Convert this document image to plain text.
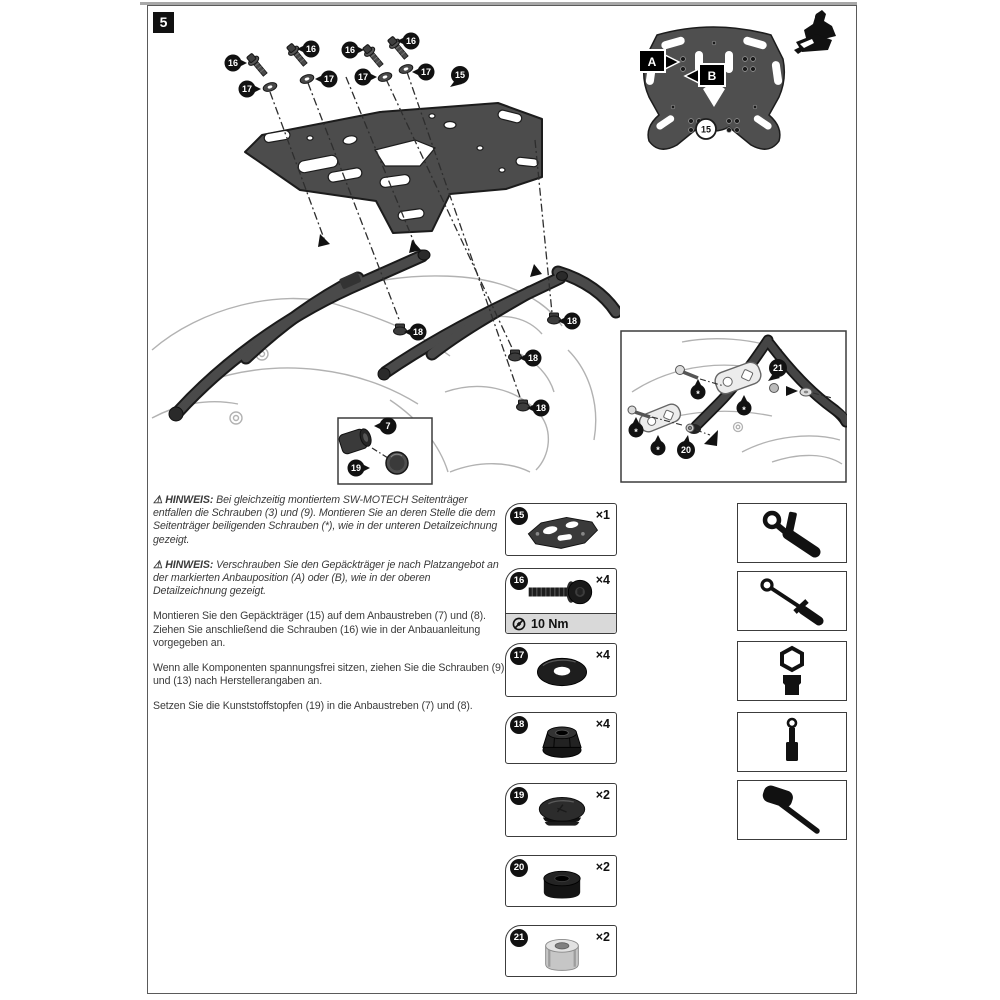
5
16
16	16
16
17
17	17	17	15
18
18
18
18
7
19
A
B
15
21
20
*
*
*
*

⚠ HINWEIS: Bei gleichzeitig montiertem SW-MOTECH Seitenträger entfallen die Schrauben (3) und (9). Montieren Sie an deren Stelle die dem Seitenträger beiligenden Schrauben (*), wie in der unteren Detailzeichnung gezeigt.

⚠ HINWEIS: Verschrauben Sie den Gepäckträger je nach Platzangebot an der markierten Anbauposition (A) oder (B), wie in der oberen Detailzeichnung gezeigt.

Montieren Sie den Gepäckträger (15) auf dem Anbaustreben (7) und (8). Ziehen Sie anschließend die Schrauben (16) wie in der Anbauanleitung vorgegeben an.

Wenn alle Komponenten spannungsfrei sitzen, ziehen Sie die Schrauben (9) und (13) nach Herstellerangaben an.

Setzen Sie die Kunststoffstopfen (19) in die Anbaustreben (7) und (8).

15	×1
16	×4
10 Nm
17	×4
18	×4
19	×2
20	×2
21	×2
